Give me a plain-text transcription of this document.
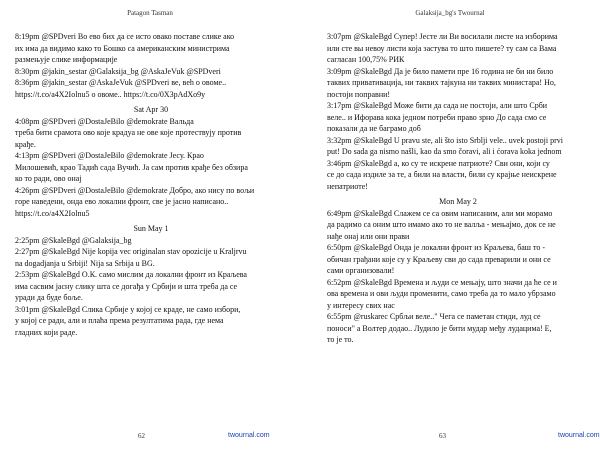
Patagon Tasman
8:19pm @SPDveri Во ево бих да се исто овако поставе слике ако
их има да видимо како то Бошко са американским министрима
размењује слике информације
8:30pm @jakin_sestar @Galaksija_bg @AskaJeVuk @SPDveri
8:36pm @jakin_sestar @AskaJeVuk @SPDveri ве, вeh о овоме..
https://t.co/a4X2Iolnu5 о овоме.. https://t.co/0X3pAdXo9y
Sat Apr 30
4:08pm @SPDveri @DostaJeBilo @demokrate Вальда
треба бити срамота ово које крадуа не ове које протествују против
крађе.
4:13pm @SPDveri @DostaJeBilo @demokrate Јесу. Крао
Милошевић, крао Тадић сада Вучић. Ја сам против крађе без обзира
ко то ради, ово онај
4:26pm @SPDveri @DostaJeBilo @demokrate Добро, ако нису по вољи
горе наведени, онда ево локални фронт, све је јасно написано..
https://t.co/a4X2Iolnu5
Sun May 1
2:25pm @SkaleBgd @Galaksija_bg
2:27pm @SkaleBgd Nije kopija vec originalan stav opozicije u Kraljrvu
na dogadjanja u Srbiji! Nija sa Srbija u BG.
2:53pm @SkaleBgd О.К. само мислим да локални фронт из Краљева
има сасвим јасну слику шта се догађа у Србији и шта треба да се
уради да буде боље.
3:01pm @SkaleBgd Слика Србије у којој се краде, не само избори,
у којој се ради, али и плаћа према резултатима рада, где нема
гладних који раде.
62	twournal.com
Galaksija_bg's Twournal
3:07pm @SkaleBgd Супер! Јесте ли Ви восилали листе на изборима
или сте вы невоу листи која застува то што пишете? ту сам са Вама
сагласан 100,75% РИК
3:09pm @SkaleBgd Да је било памети пре 16 година не би ни било
таквих привативација, ни таквих тајкуна ни таквих министара! Но,
постоји поправни!
3:17pm @SkaleBgd Може бити да сада не постоји, али што Срби
веле.. и Ифорава кока једном потреби право зрно До сада смо се
показали да не баграмо доб
3:32pm @SkaleBgd U pravu ste, ali što isto Srblji vele.. uvek postoji prvi
put! Do sada ga nismo našli, kao da smo čoravi, ali i ćorava koka jednom
3:46pm @SkaleBgd а, ко су те искрене патриоте? Сви они, који су
се до сада издиле за те, а били на власти, били су крајње неискрене
непатриоте!
Mon May 2
6:49pm @SkaleBgd Слажем се са овим написаним, али ми морамо
да радимо са оним што имамо ако то не валља - мењајмо, док се не
нађе онај или они прави
6:50pm @SkaleBgd Онда је локални фронт из Краљева, баш то -
обичан грађани које су у Краљеву сви до сада преварили и они се
сами организовали!
6:52pm @SkaleBgd Времена и људи се мењају, што значи да ће се и
ова времена и ови људи променити, само треба да то мало убрзамо
у интересу свих нас
6:55pm @ruskarec Србљи веле.." Чега се паметан стиди, луд се
поноси" а Волтер додао.. Лудило је бити мудар међу лудацима! Е,
то је то.
63	twournal.com
